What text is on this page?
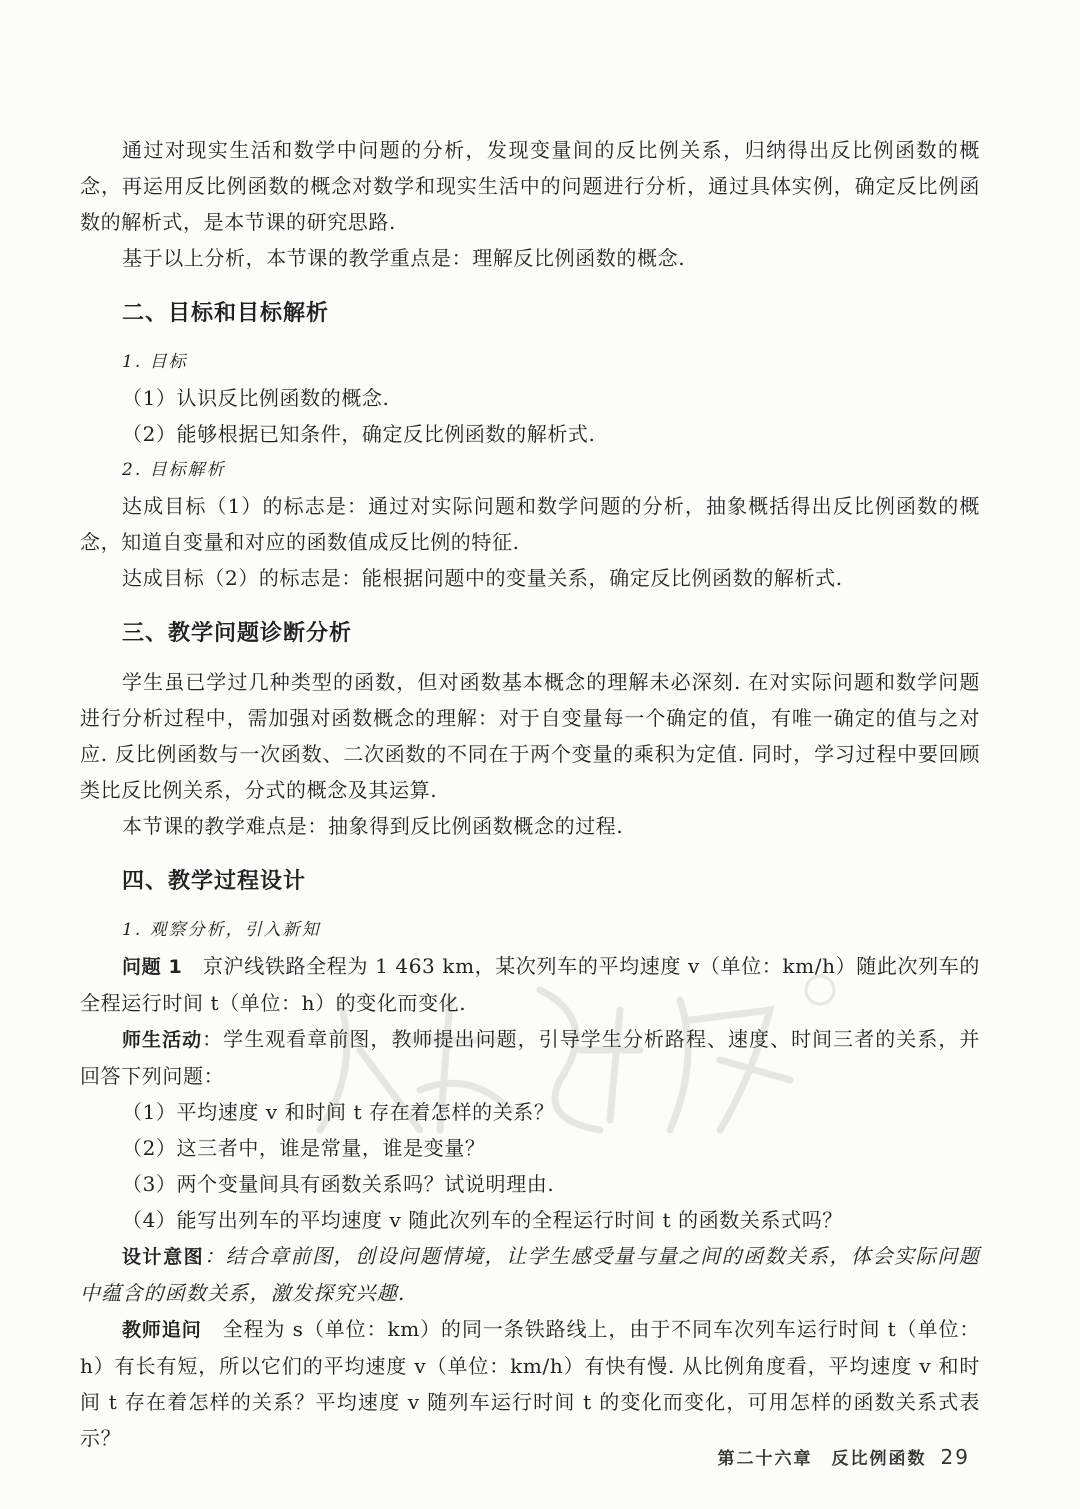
通过对现实生活和数学中问题的分析，发现变量间的反比例关系，归纳得出反比例函数的概念，再运用反比例函数的概念对数学和现实生活中的问题进行分析，通过具体实例，确定反比例函数的解析式，是本节课的研究思路.

基于以上分析，本节课的教学重点是：理解反比例函数的概念.

二、目标和目标解析

1. 目标

（1）认识反比例函数的概念.

（2）能够根据已知条件，确定反比例函数的解析式.

2. 目标解析

达成目标（1）的标志是：通过对实际问题和数学问题的分析，抽象概括得出反比例函数的概念，知道自变量和对应的函数值成反比例的特征.

达成目标（2）的标志是：能根据问题中的变量关系，确定反比例函数的解析式.

三、教学问题诊断分析

学生虽已学过几种类型的函数，但对函数基本概念的理解未必深刻. 在对实际问题和数学问题进行分析过程中，需加强对函数概念的理解：对于自变量每一个确定的值，有唯一确定的值与之对应. 反比例函数与一次函数、二次函数的不同在于两个变量的乘积为定值. 同时，学习过程中要回顾类比反比例关系，分式的概念及其运算.

本节课的教学难点是：抽象得到反比例函数概念的过程.

四、教学过程设计

1. 观察分析，引入新知

问题 1　 京沪线铁路全程为 1 463 km，某次列车的平均速度 v（单位：km/h）随此次列车的全程运行时间 t（单位：h）的变化而变化.

师生活动：学生观看章前图，教师提出问题，引导学生分析路程、速度、时间三者的关系，并回答下列问题：

（1）平均速度 v 和时间 t 存在着怎样的关系？

（2）这三者中，谁是常量，谁是变量？

（3）两个变量间具有函数关系吗？试说明理由.

（4）能写出列车的平均速度 v 随此次列车的全程运行时间 t 的函数关系式吗？

设计意图：结合章前图，创设问题情境，让学生感受量与量之间的函数关系，体会实际问题中蕴含的函数关系，激发探究兴趣.

教师追问　 全程为 s（单位：km）的同一条铁路线上，由于不同车次列车运行时间 t（单位：h）有长有短，所以它们的平均速度 v（单位：km/h）有快有慢. 从比例角度看，平均速度 v 和时间 t 存在着怎样的关系？平均速度 v 随列车运行时间 t 的变化而变化，可用怎样的函数关系式表示？

第二十六章　反比例函数 29
